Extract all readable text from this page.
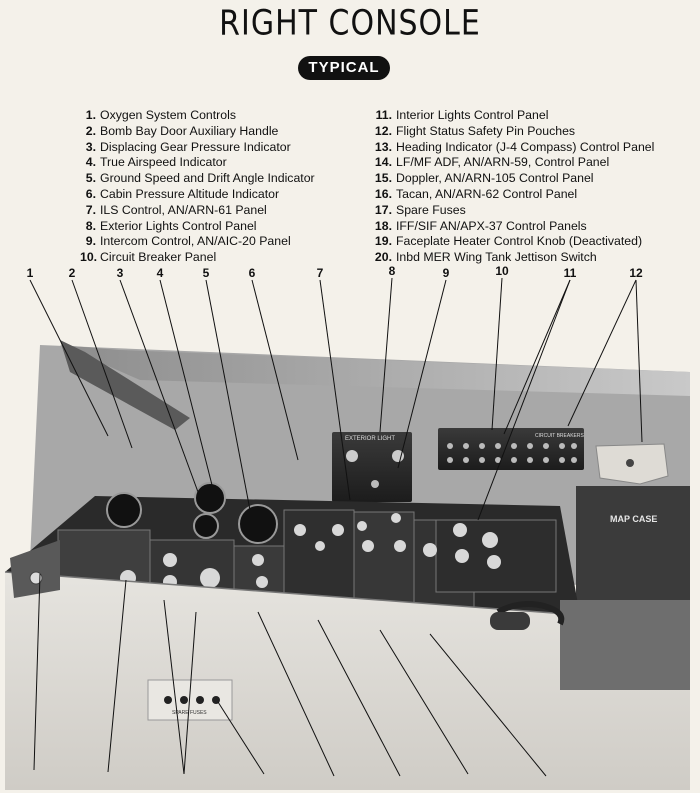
RIGHT CONSOLE
TYPICAL
1. Oxygen System Controls
2. Bomb Bay Door Auxiliary Handle
3. Displacing Gear Pressure Indicator
4. True Airspeed Indicator
5. Ground Speed and Drift Angle Indicator
6. Cabin Pressure Altitude Indicator
7. ILS Control, AN/ARN-61 Panel
8. Exterior Lights Control Panel
9. Intercom Control, AN/AIC-20 Panel
10. Circuit Breaker Panel
11. Interior Lights Control Panel
12. Flight Status Safety Pin Pouches
13. Heading Indicator (J-4 Compass) Control Panel
14. LF/MF ADF, AN/ARN-59, Control Panel
15. Doppler, AN/ARN-105 Control Panel
16. Tacan, AN/ARN-62 Control Panel
17. Spare Fuses
18. IFF/SIF AN/APX-37 Control Panels
19. Faceplate Heater Control Knob (Deactivated)
20. Inbd MER Wing Tank Jettison Switch
1	2	3	4	5	6	7	8	9	10	11	12
EXTERIOR LIGHT	CIRCUIT BREAKERS
MAP CASE
SPARE FUSES
